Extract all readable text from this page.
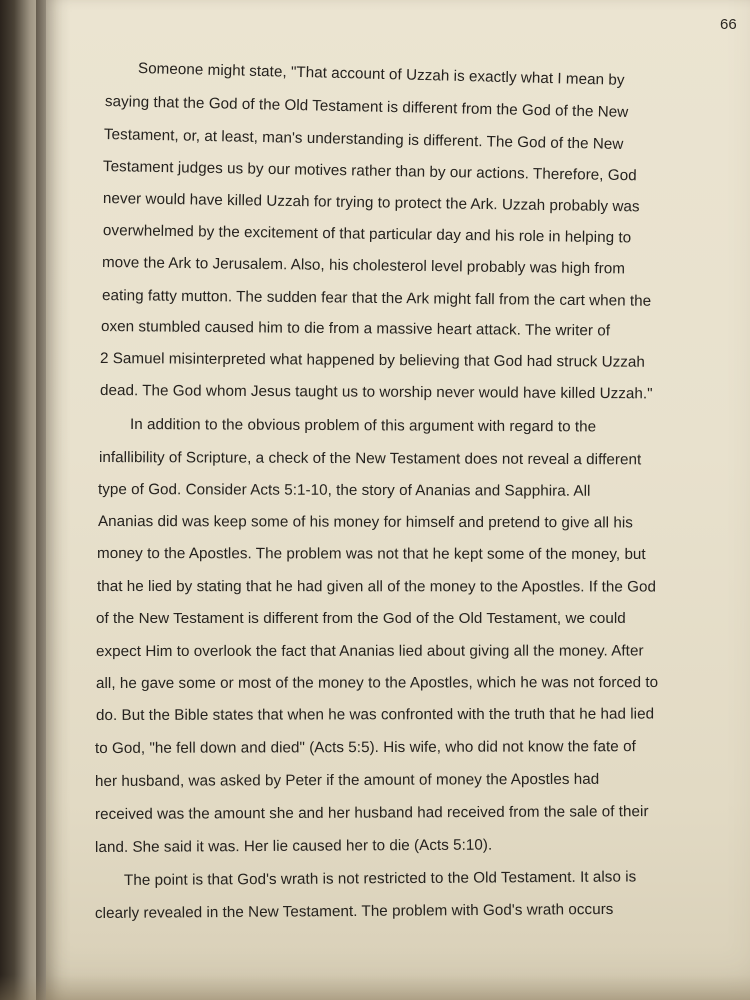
66
Someone might state, "That account of Uzzah is exactly what I mean by
saying that the God of the Old Testament is different from the God of the New
Testament, or, at least, man's understanding is different. The God of the New
Testament judges us by our motives rather than by our actions. Therefore, God
never would have killed Uzzah for trying to protect the Ark. Uzzah probably was
overwhelmed by the excitement of that particular day and his role in helping to
move the Ark to Jerusalem. Also, his cholesterol level probably was high from
eating fatty mutton. The sudden fear that the Ark might fall from the cart when the
oxen stumbled caused him to die from a massive heart attack. The writer of
2 Samuel misinterpreted what happened by believing that God had struck Uzzah
dead. The God whom Jesus taught us to worship never would have killed Uzzah."
In addition to the obvious problem of this argument with regard to the
infallibility of Scripture, a check of the New Testament does not reveal a different
type of God. Consider Acts 5:1-10, the story of Ananias and Sapphira. All
Ananias did was keep some of his money for himself and pretend to give all his
money to the Apostles. The problem was not that he kept some of the money, but
that he lied by stating that he had given all of the money to the Apostles. If the God
of the New Testament is different from the God of the Old Testament, we could
expect Him to overlook the fact that Ananias lied about giving all the money. After
all, he gave some or most of the money to the Apostles, which he was not forced to
do. But the Bible states that when he was confronted with the truth that he had lied
to God, "he fell down and died" (Acts 5:5). His wife, who did not know the fate of
her husband, was asked by Peter if the amount of money the Apostles had
received was the amount she and her husband had received from the sale of their
land. She said it was. Her lie caused her to die (Acts 5:10).
The point is that God's wrath is not restricted to the Old Testament. It also is
clearly revealed in the New Testament. The problem with God's wrath occurs
